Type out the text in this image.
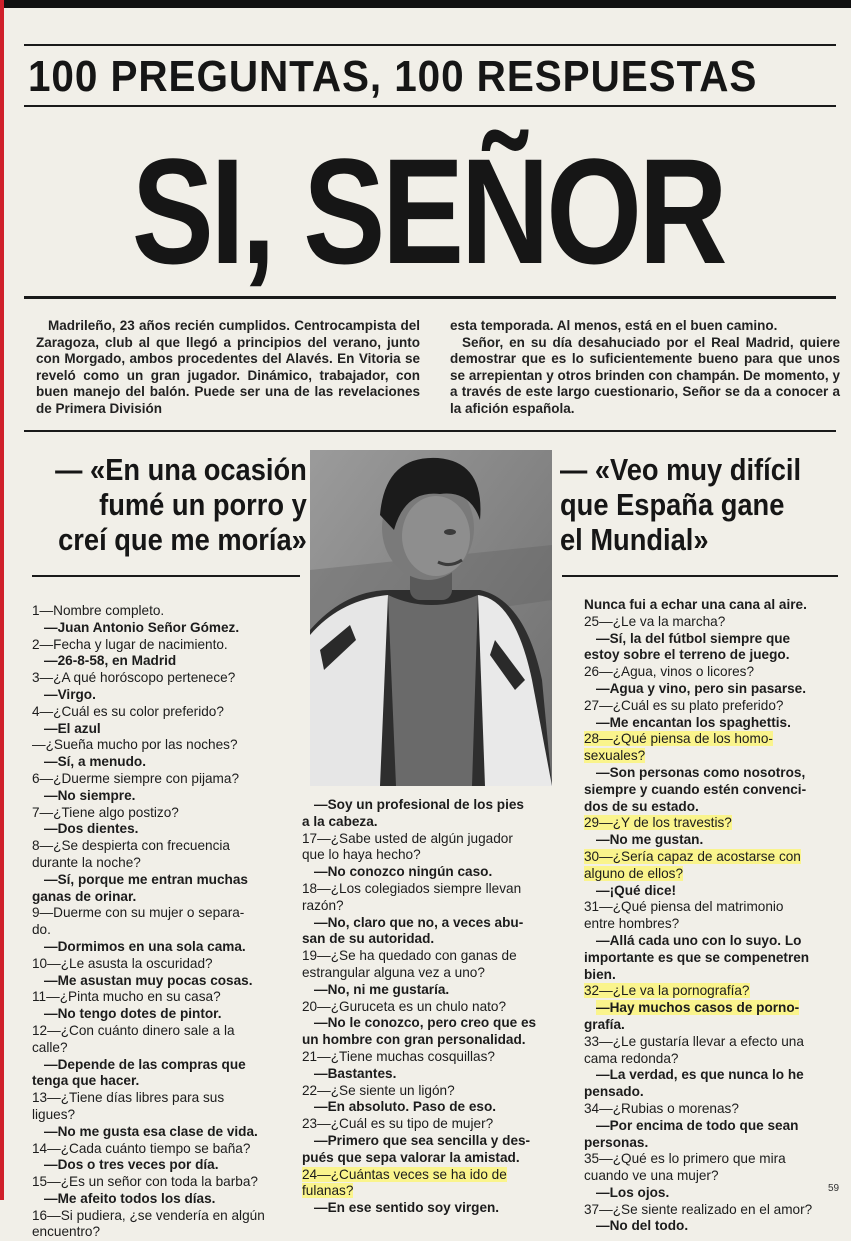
100 PREGUNTAS, 100 RESPUESTAS
SI, SEÑOR

Madrileño, 23 años recién cumplidos. Centrocampista del Zaragoza, club al que llegó a principios del verano, junto con Morgado, ambos procedentes del Alavés. En Vitoria se reveló como un gran jugador. Dinámico, trabajador, con buen manejo del balón. Puede ser una de las revelaciones de Primera División

esta temporada. Al menos, está en el buen camino.

Señor, en su día desahuciado por el Real Madrid, quiere demostrar que es lo suficientemente bueno para que unos se arrepientan y otros brinden con champán. De momento, y a través de este largo cuestionario, Señor se da a conocer a la afición española.

— «En una ocasión
fumé un porro y
creí que me moría»
— «Veo muy difícil
que España gane
el Mundial»
1—Nombre completo.
—Juan Antonio Señor Gómez.
2—Fecha y lugar de nacimiento.
—26-8-58, en Madrid
3—¿A qué horóscopo pertenece?
—Virgo.
4—¿Cuál es su color preferido?
—El azul
—¿Sueña mucho por las noches?
—Sí, a menudo.
6—¿Duerme siempre con pijama?
—No siempre.
7—¿Tiene algo postizo?
—Dos dientes.
8—¿Se despierta con frecuencia
durante la noche?
—Sí, porque me entran muchas
ganas de orinar.
9—Duerme con su mujer o separa-
do.
—Dormimos en una sola cama.
10—¿Le asusta la oscuridad?
—Me asustan muy pocas cosas.
11—¿Pinta mucho en su casa?
—No tengo dotes de pintor.
12—¿Con cuánto dinero sale a la
calle?
—Depende de las compras que
tenga que hacer.
13—¿Tiene días libres para sus
ligues?
—No me gusta esa clase de vida.
14—¿Cada cuánto tiempo se baña?
—Dos o tres veces por día.
15—¿Es un señor con toda la barba?
—Me afeito todos los días.
16—Si pudiera, ¿se vendería en algún
encuentro?
—Soy un profesional de los pies
a la cabeza.
17—¿Sabe usted de algún jugador
que lo haya hecho?
—No conozco ningún caso.
18—¿Los colegiados siempre llevan
razón?
—No, claro que no, a veces abu-
san de su autoridad.
19—¿Se ha quedado con ganas de
estrangular alguna vez a uno?
—No, ni me gustaría.
20—¿Guruceta es un chulo nato?
—No le conozco, pero creo que es
un hombre con gran personalidad.
21—¿Tiene muchas cosquillas?
—Bastantes.
22—¿Se siente un ligón?
—En absoluto. Paso de eso.
23—¿Cuál es su tipo de mujer?
—Primero que sea sencilla y des-
pués que sepa valorar la amistad.
24—¿Cuántas veces se ha ido de
fulanas?
—En ese sentido soy virgen.
Nunca fui a echar una cana al aire.
25—¿Le va la marcha?
—Sí, la del fútbol siempre que
estoy sobre el terreno de juego.
26—¿Agua, vinos o licores?
—Agua y vino, pero sin pasarse.
27—¿Cuál es su plato preferido?
—Me encantan los spaghettis.
28—¿Qué piensa de los homo-
sexuales?
—Son personas como nosotros,
siempre y cuando estén convenci-
dos de su estado.
29—¿Y de los travestis?
—No me gustan.
30—¿Sería capaz de acostarse con
alguno de ellos?
—¡Qué dice!
31—¿Qué piensa del matrimonio
entre hombres?
—Allá cada uno con lo suyo. Lo
importante es que se compenetren
bien.
32—¿Le va la pornografía?
—Hay muchos casos de porno-
grafía.
33—¿Le gustaría llevar a efecto una
cama redonda?
—La verdad, es que nunca lo he
pensado.
34—¿Rubias o morenas?
—Por encima de todo que sean
personas.
35—¿Qué es lo primero que mira
cuando ve una mujer?
—Los ojos.
37—¿Se siente realizado en el amor?
—No del todo.
59
